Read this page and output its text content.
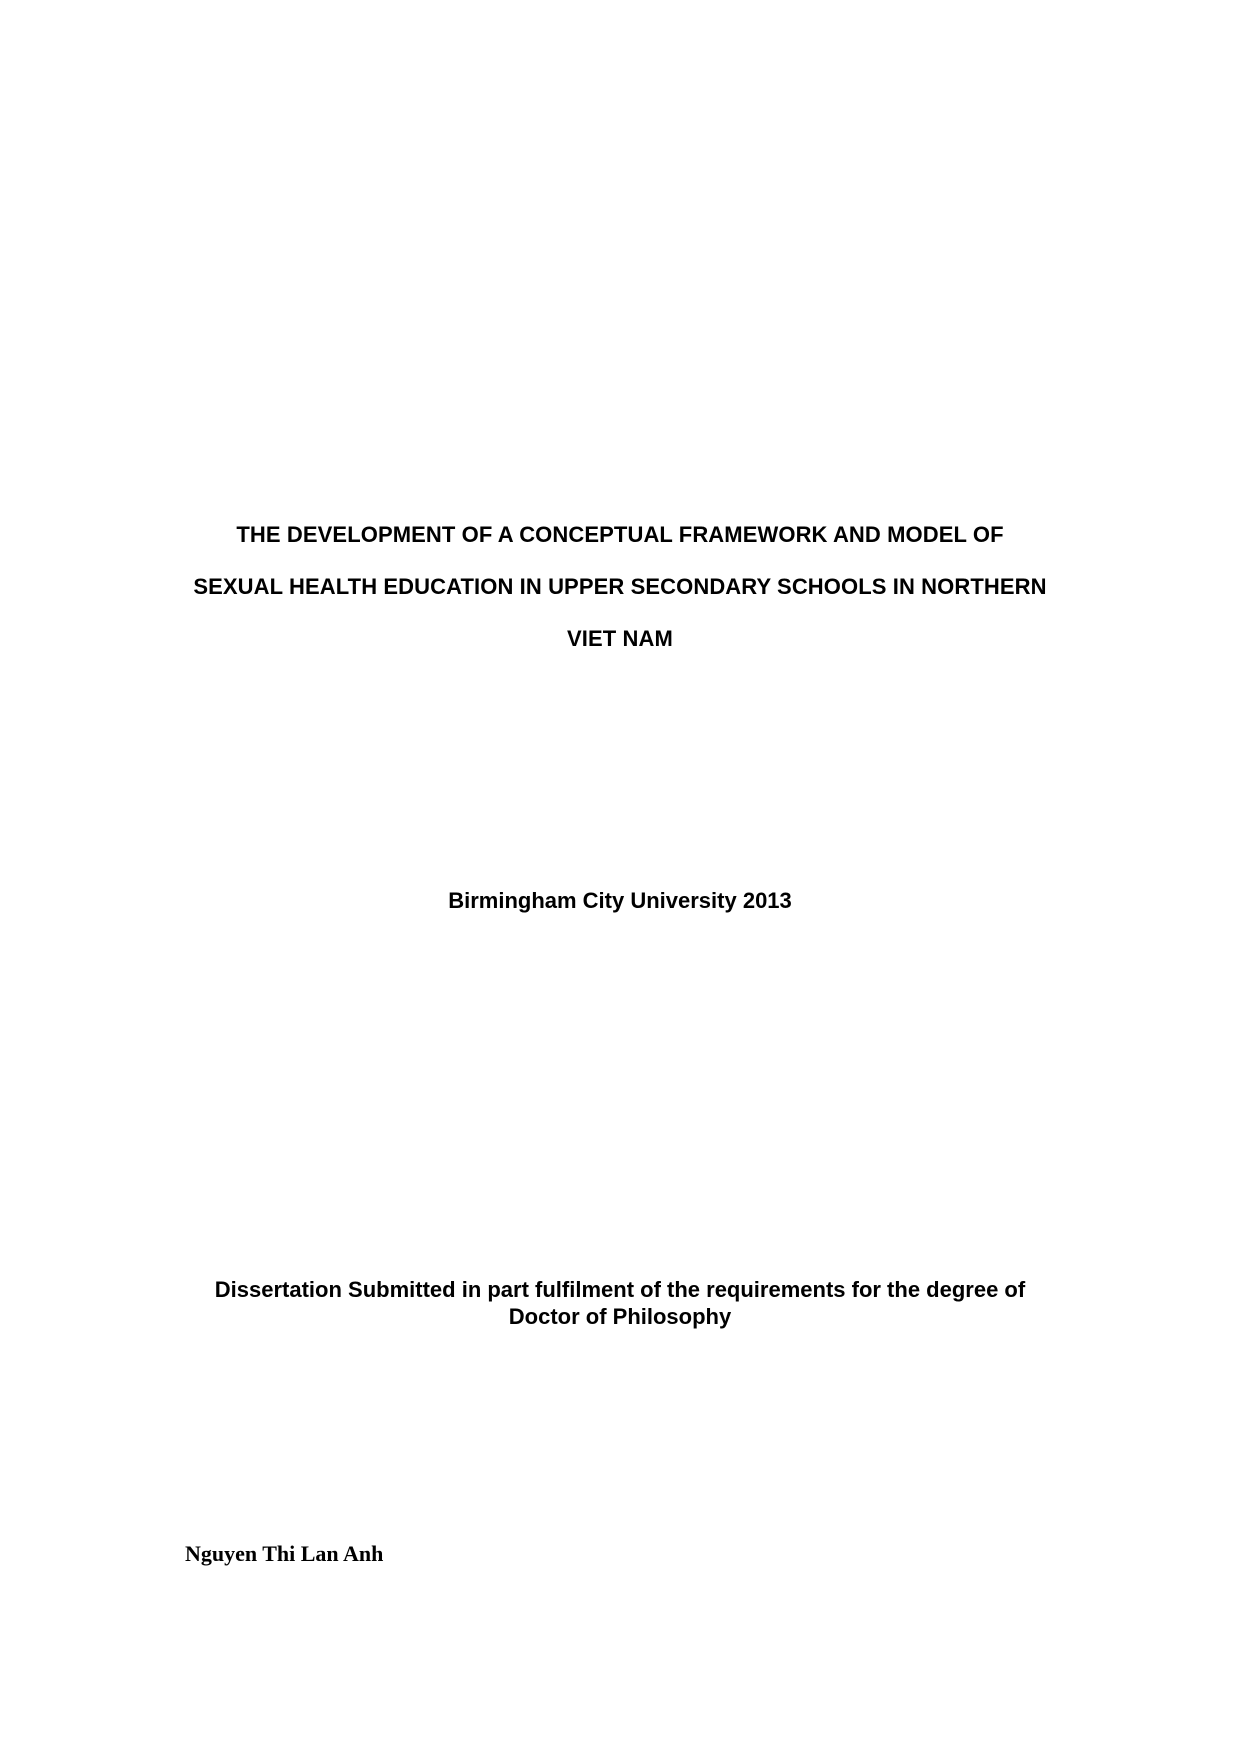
THE DEVELOPMENT OF A CONCEPTUAL FRAMEWORK AND MODEL OF
SEXUAL HEALTH EDUCATION IN UPPER SECONDARY SCHOOLS IN NORTHERN
VIET NAM
Birmingham City University 2013
Dissertation Submitted in part fulfilment of the requirements for the degree of
Doctor of Philosophy
Nguyen Thi Lan Anh
